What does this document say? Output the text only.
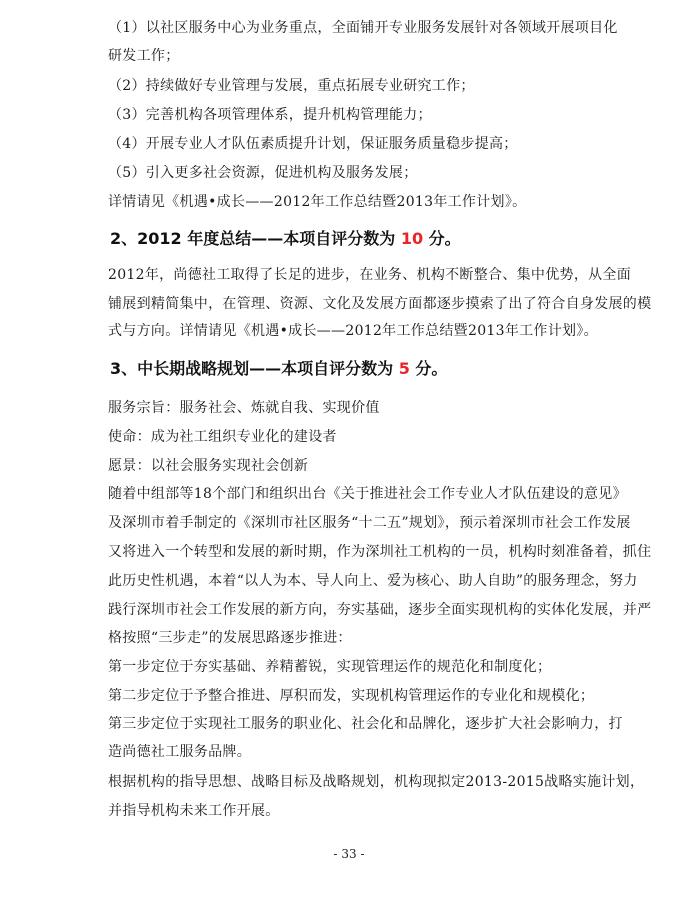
（1）以社区服务中心为业务重点，全面铺开专业服务发展针对各领域开展项目化
研发工作；
（2）持续做好专业管理与发展，重点拓展专业研究工作；
（3）完善机构各项管理体系，提升机构管理能力；
（4）开展专业人才队伍素质提升计划，保证服务质量稳步提高；
（5）引入更多社会资源，促进机构及服务发展；
详情请见《机遇•成长——2012年工作总结暨2013年工作计划》。
2、2012 年度总结——本项自评分数为 10 分。
2012年，尚德社工取得了长足的进步，在业务、机构不断整合、集中优势，从全面
铺展到精简集中，在管理、资源、文化及发展方面都逐步摸索了出了符合自身发展的模
式与方向。详情请见《机遇•成长——2012年工作总结暨2013年工作计划》。
3、中长期战略规划——本项自评分数为 5 分。
服务宗旨：服务社会、炼就自我、实现价值
使命：成为社工组织专业化的建设者
愿景：以社会服务实现社会创新
随着中组部等18个部门和组织出台《关于推进社会工作专业人才队伍建设的意见》
及深圳市着手制定的《深圳市社区服务“十二五”规划》，预示着深圳市社会工作发展
又将进入一个转型和发展的新时期，作为深圳社工机构的一员，机构时刻准备着，抓住
此历史性机遇，本着“以人为本、导人向上、爱为核心、助人自助”的服务理念，努力
践行深圳市社会工作发展的新方向，夯实基础，逐步全面实现机构的实体化发展，并严
格按照“三步走”的发展思路逐步推进：
第一步定位于夯实基础、养精蓄锐，实现管理运作的规范化和制度化；
第二步定位于予整合推进、厚积而发，实现机构管理运作的专业化和规模化；
第三步定位于实现社工服务的职业化、社会化和品牌化，逐步扩大社会影响力，打
造尚德社工服务品牌。
根据机构的指导思想、战略目标及战略规划，机构现拟定2013-2015战略实施计划，
并指导机构未来工作开展。
- 33 -
